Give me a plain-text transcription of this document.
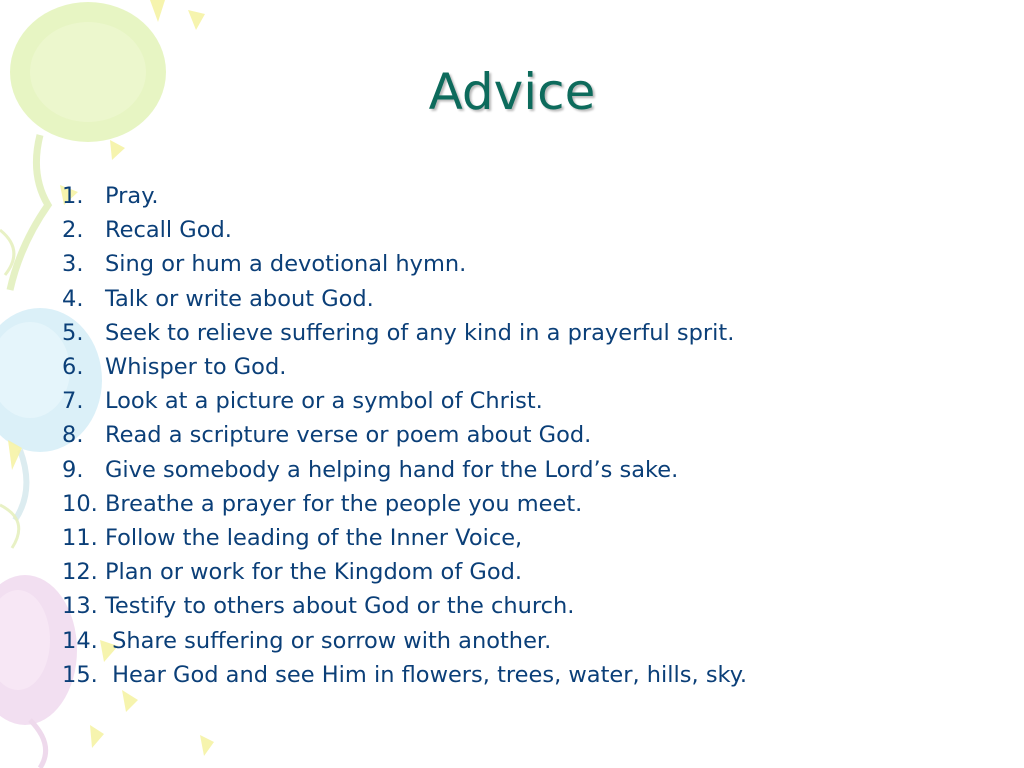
Advice
1. Pray.
2. Recall God.
3. Sing or hum a devotional hymn.
4. Talk or write about God.
5. Seek to relieve suffering of any kind in a prayerful sprit.
6. Whisper to God.
7. Look at a picture or a symbol of Christ.
8. Read a scripture verse or poem about God.
9. Give somebody a helping hand for the Lord’s sake.
10. Breathe a prayer for the people you meet.
11. Follow the leading of the Inner Voice,
12. Plan or work for the Kingdom of God.
13. Testify to others about God or the church.
14. Share suffering or sorrow with another.
15. Hear God and see Him in flowers, trees, water, hills, sky.
